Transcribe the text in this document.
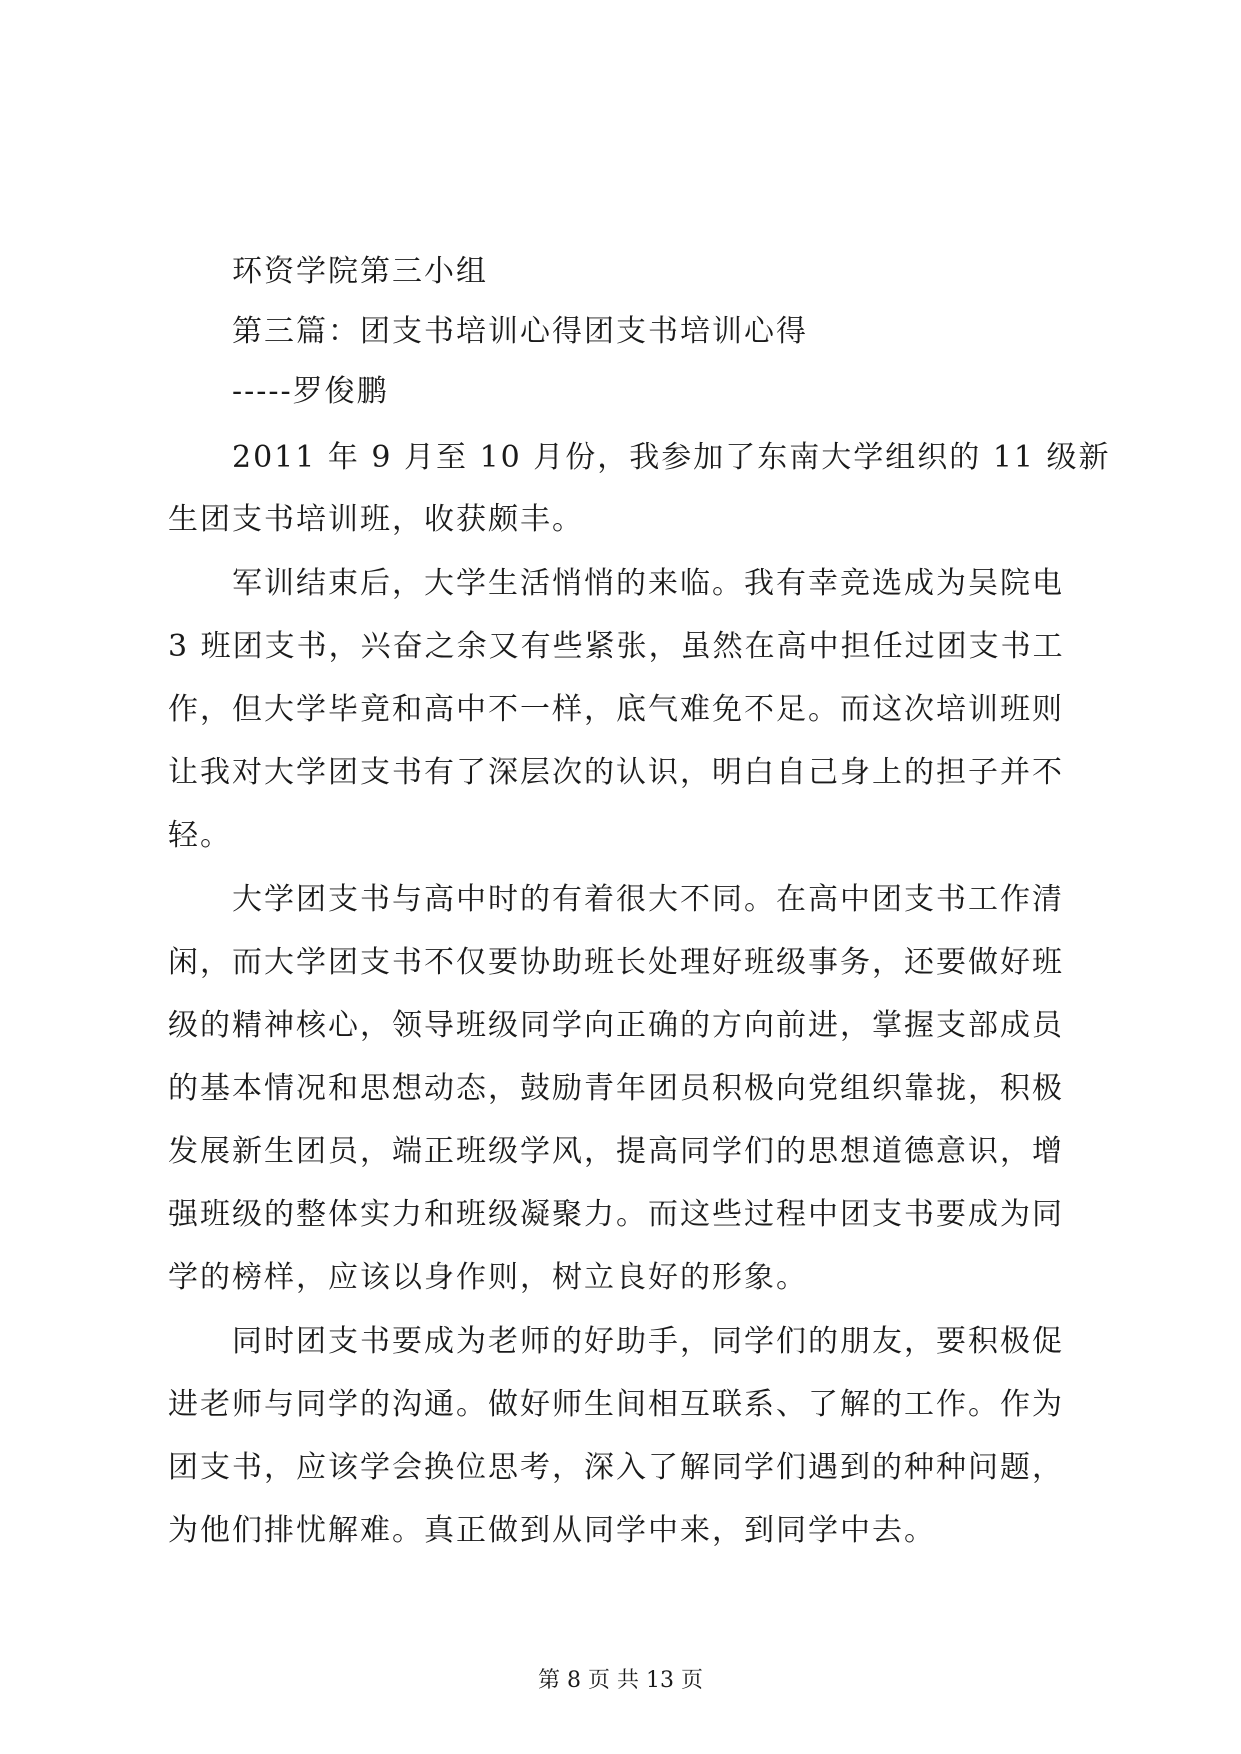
环资学院第三小组
第三篇：团支书培训心得团支书培训心得
-----罗俊鹏
2011 年 9 月至 10 月份，我参加了东南大学组织的 11 级新
生团支书培训班，收获颇丰。
军训结束后，大学生活悄悄的来临。我有幸竞选成为吴院电
3 班团支书，兴奋之余又有些紧张，虽然在高中担任过团支书工
作，但大学毕竟和高中不一样，底气难免不足。而这次培训班则
让我对大学团支书有了深层次的认识，明白自己身上的担子并不
轻。
大学团支书与高中时的有着很大不同。在高中团支书工作清
闲，而大学团支书不仅要协助班长处理好班级事务，还要做好班
级的精神核心，领导班级同学向正确的方向前进，掌握支部成员
的基本情况和思想动态，鼓励青年团员积极向党组织靠拢，积极
发展新生团员，端正班级学风，提高同学们的思想道德意识，增
强班级的整体实力和班级凝聚力。而这些过程中团支书要成为同
学的榜样，应该以身作则，树立良好的形象。
同时团支书要成为老师的好助手，同学们的朋友，要积极促
进老师与同学的沟通。做好师生间相互联系、了解的工作。作为
团支书，应该学会换位思考，深入了解同学们遇到的种种问题，
为他们排忧解难。真正做到从同学中来，到同学中去。
第 8 页 共 13 页
